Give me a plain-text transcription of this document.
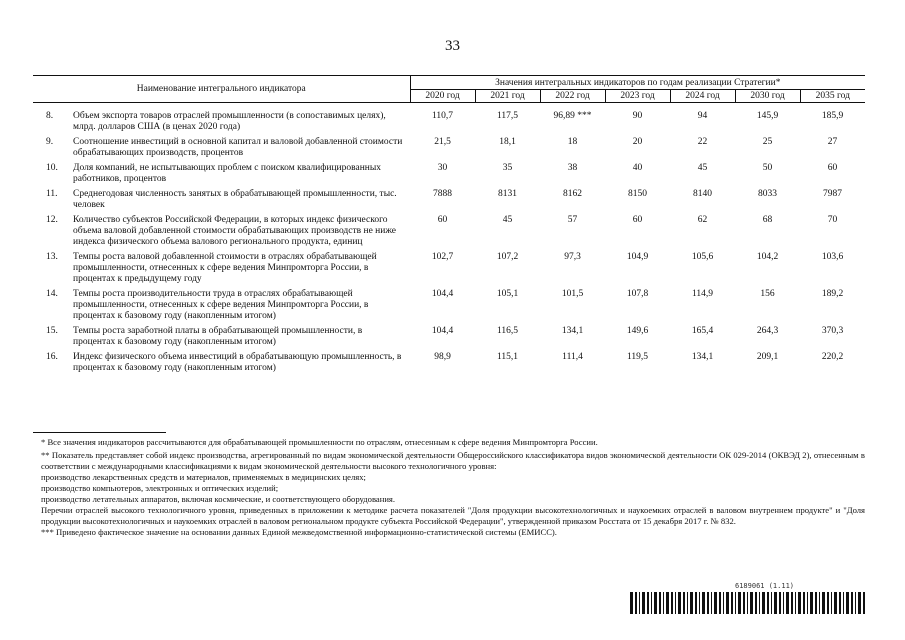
33
Наименование интегрального индикатора		Значения интегральных индикаторов по годам реализации Стратегии*						
		2020 год	2021 год	2022 год	2023 год	2024 год	2030 год	2035 год

8.	Объем экспорта товаров отраслей промышленности (в сопоставимых целях), млрд. долларов США (в ценах 2020 года)	110,7	117,5	96,89 ***	90	94	145,9	185,9
9.	Соотношение инвестиций в основной капитал и валовой добавленной стоимости обрабатывающих производств, процентов	21,5	18,1	18	20	22	25	27
10.	Доля компаний, не испытывающих проблем с поиском квалифицированных работников, процентов	30	35	38	40	45	50	60
11.	Среднегодовая численность занятых в обрабатывающей промышленности, тыс. человек	7888	8131	8162	8150	8140	8033	7987
12.	Количество субъектов Российской Федерации, в которых индекс физического объема валовой добавленной стоимости обрабатывающих производств не ниже индекса физического объема валового регионального продукта, единиц	60	45	57	60	62	68	70
13.	Темпы роста валовой добавленной стоимости в отраслях обрабатывающей промышленности, отнесенных к сфере ведения Минпромторга России, в процентах к предыдущему году	102,7	107,2	97,3	104,9	105,6	104,2	103,6
14.	Темпы роста производительности труда в отраслях обрабатывающей промышленности, отнесенных к сфере ведения Минпромторга России, в процентах к базовому году (накопленным итогом)	104,4	105,1	101,5	107,8	114,9	156	189,2
15.	Темпы роста заработной платы в обрабатывающей промышленности, в процентах к базовому году (накопленным итогом)	104,4	116,5	134,1	149,6	165,4	264,3	370,3
16.	Индекс физического объема инвестиций в обрабатывающую промышленность, в процентах к базовому году (накопленным итогом)	98,9	115,1	111,4	119,5	134,1	209,1	220,2

* Все значения индикаторов рассчитываются для обрабатывающей промышленности по отраслям, отнесенным к сфере ведения Минпромторга России.

** Показатель представляет собой индекс производства, агрегированный по видам экономической деятельности Общероссийского классификатора видов экономической деятельности ОК 029-2014 (ОКВЭД 2), отнесенным в соответствии с международными классификациями к видам экономической деятельности высокого технологичного уровня:

производство лекарственных средств и материалов, применяемых в медицинских целях;

производство компьютеров, электронных и оптических изделий;

производство летательных аппаратов, включая космические, и соответствующего оборудования.

Перечни отраслей высокого технологичного уровня, приведенных в приложении к методике расчета показателей "Доля продукции высокотехнологичных и наукоемких отраслей в валовом внутреннем продукте" и "Доля продукции высокотехнологичных и наукоемких отраслей в валовом региональном продукте субъекта Российской Федерации", утвержденной приказом Росстата от 15 декабря 2017 г. № 832.

*** Приведено фактическое значение на основании данных Единой межведомственной информационно-статистической системы (ЕМИСС).

6189061 (1.11)
